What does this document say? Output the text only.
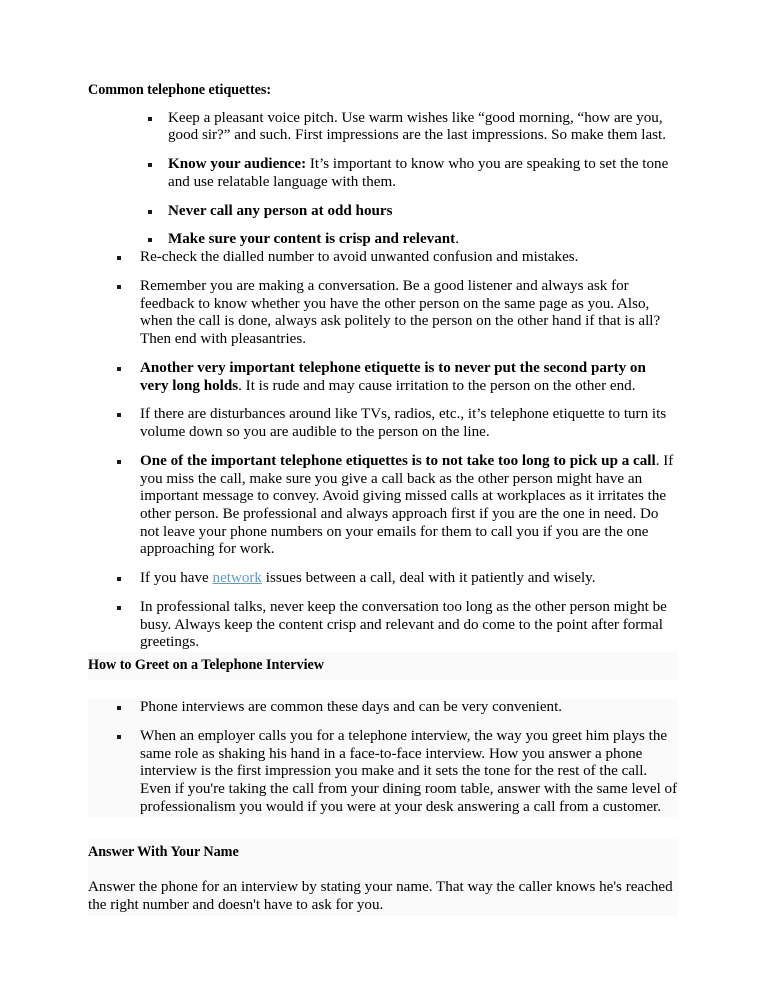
Common telephone etiquettes:
Keep a pleasant voice pitch. Use warm wishes like “good morning, “how are you, good sir?” and such. First impressions are the last impressions. So make them last.
Know your audience: It’s important to know who you are speaking to set the tone and use relatable language with them.
Never call any person at odd hours
Make sure your content is crisp and relevant.
Re-check the dialled number to avoid unwanted confusion and mistakes.
Remember you are making a conversation. Be a good listener and always ask for feedback to know whether you have the other person on the same page as you. Also, when the call is done, always ask politely to the person on the other hand if that is all? Then end with pleasantries.
Another very important telephone etiquette is to never put the second party on very long holds. It is rude and may cause irritation to the person on the other end.
If there are disturbances around like TVs, radios, etc., it’s telephone etiquette to turn its volume down so you are audible to the person on the line.
One of the important telephone etiquettes is to not take too long to pick up a call. If you miss the call, make sure you give a call back as the other person might have an important message to convey. Avoid giving missed calls at workplaces as it irritates the other person. Be professional and always approach first if you are the one in need. Do not leave your phone numbers on your emails for them to call you if you are the one approaching for work.
If you have network issues between a call, deal with it patiently and wisely.
In professional talks, never keep the conversation too long as the other person might be busy. Always keep the content crisp and relevant and do come to the point after formal greetings.
How to Greet on a Telephone Interview
Phone interviews are common these days and can be very convenient.
When an employer calls you for a telephone interview, the way you greet him plays the same role as shaking his hand in a face-to-face interview. How you answer a phone interview is the first impression you make and it sets the tone for the rest of the call. Even if you're taking the call from your dining room table, answer with the same level of professionalism you would if you were at your desk answering a call from a customer.
Answer With Your Name

Answer the phone for an interview by stating your name. That way the caller knows he's reached the right number and doesn't have to ask for you.
